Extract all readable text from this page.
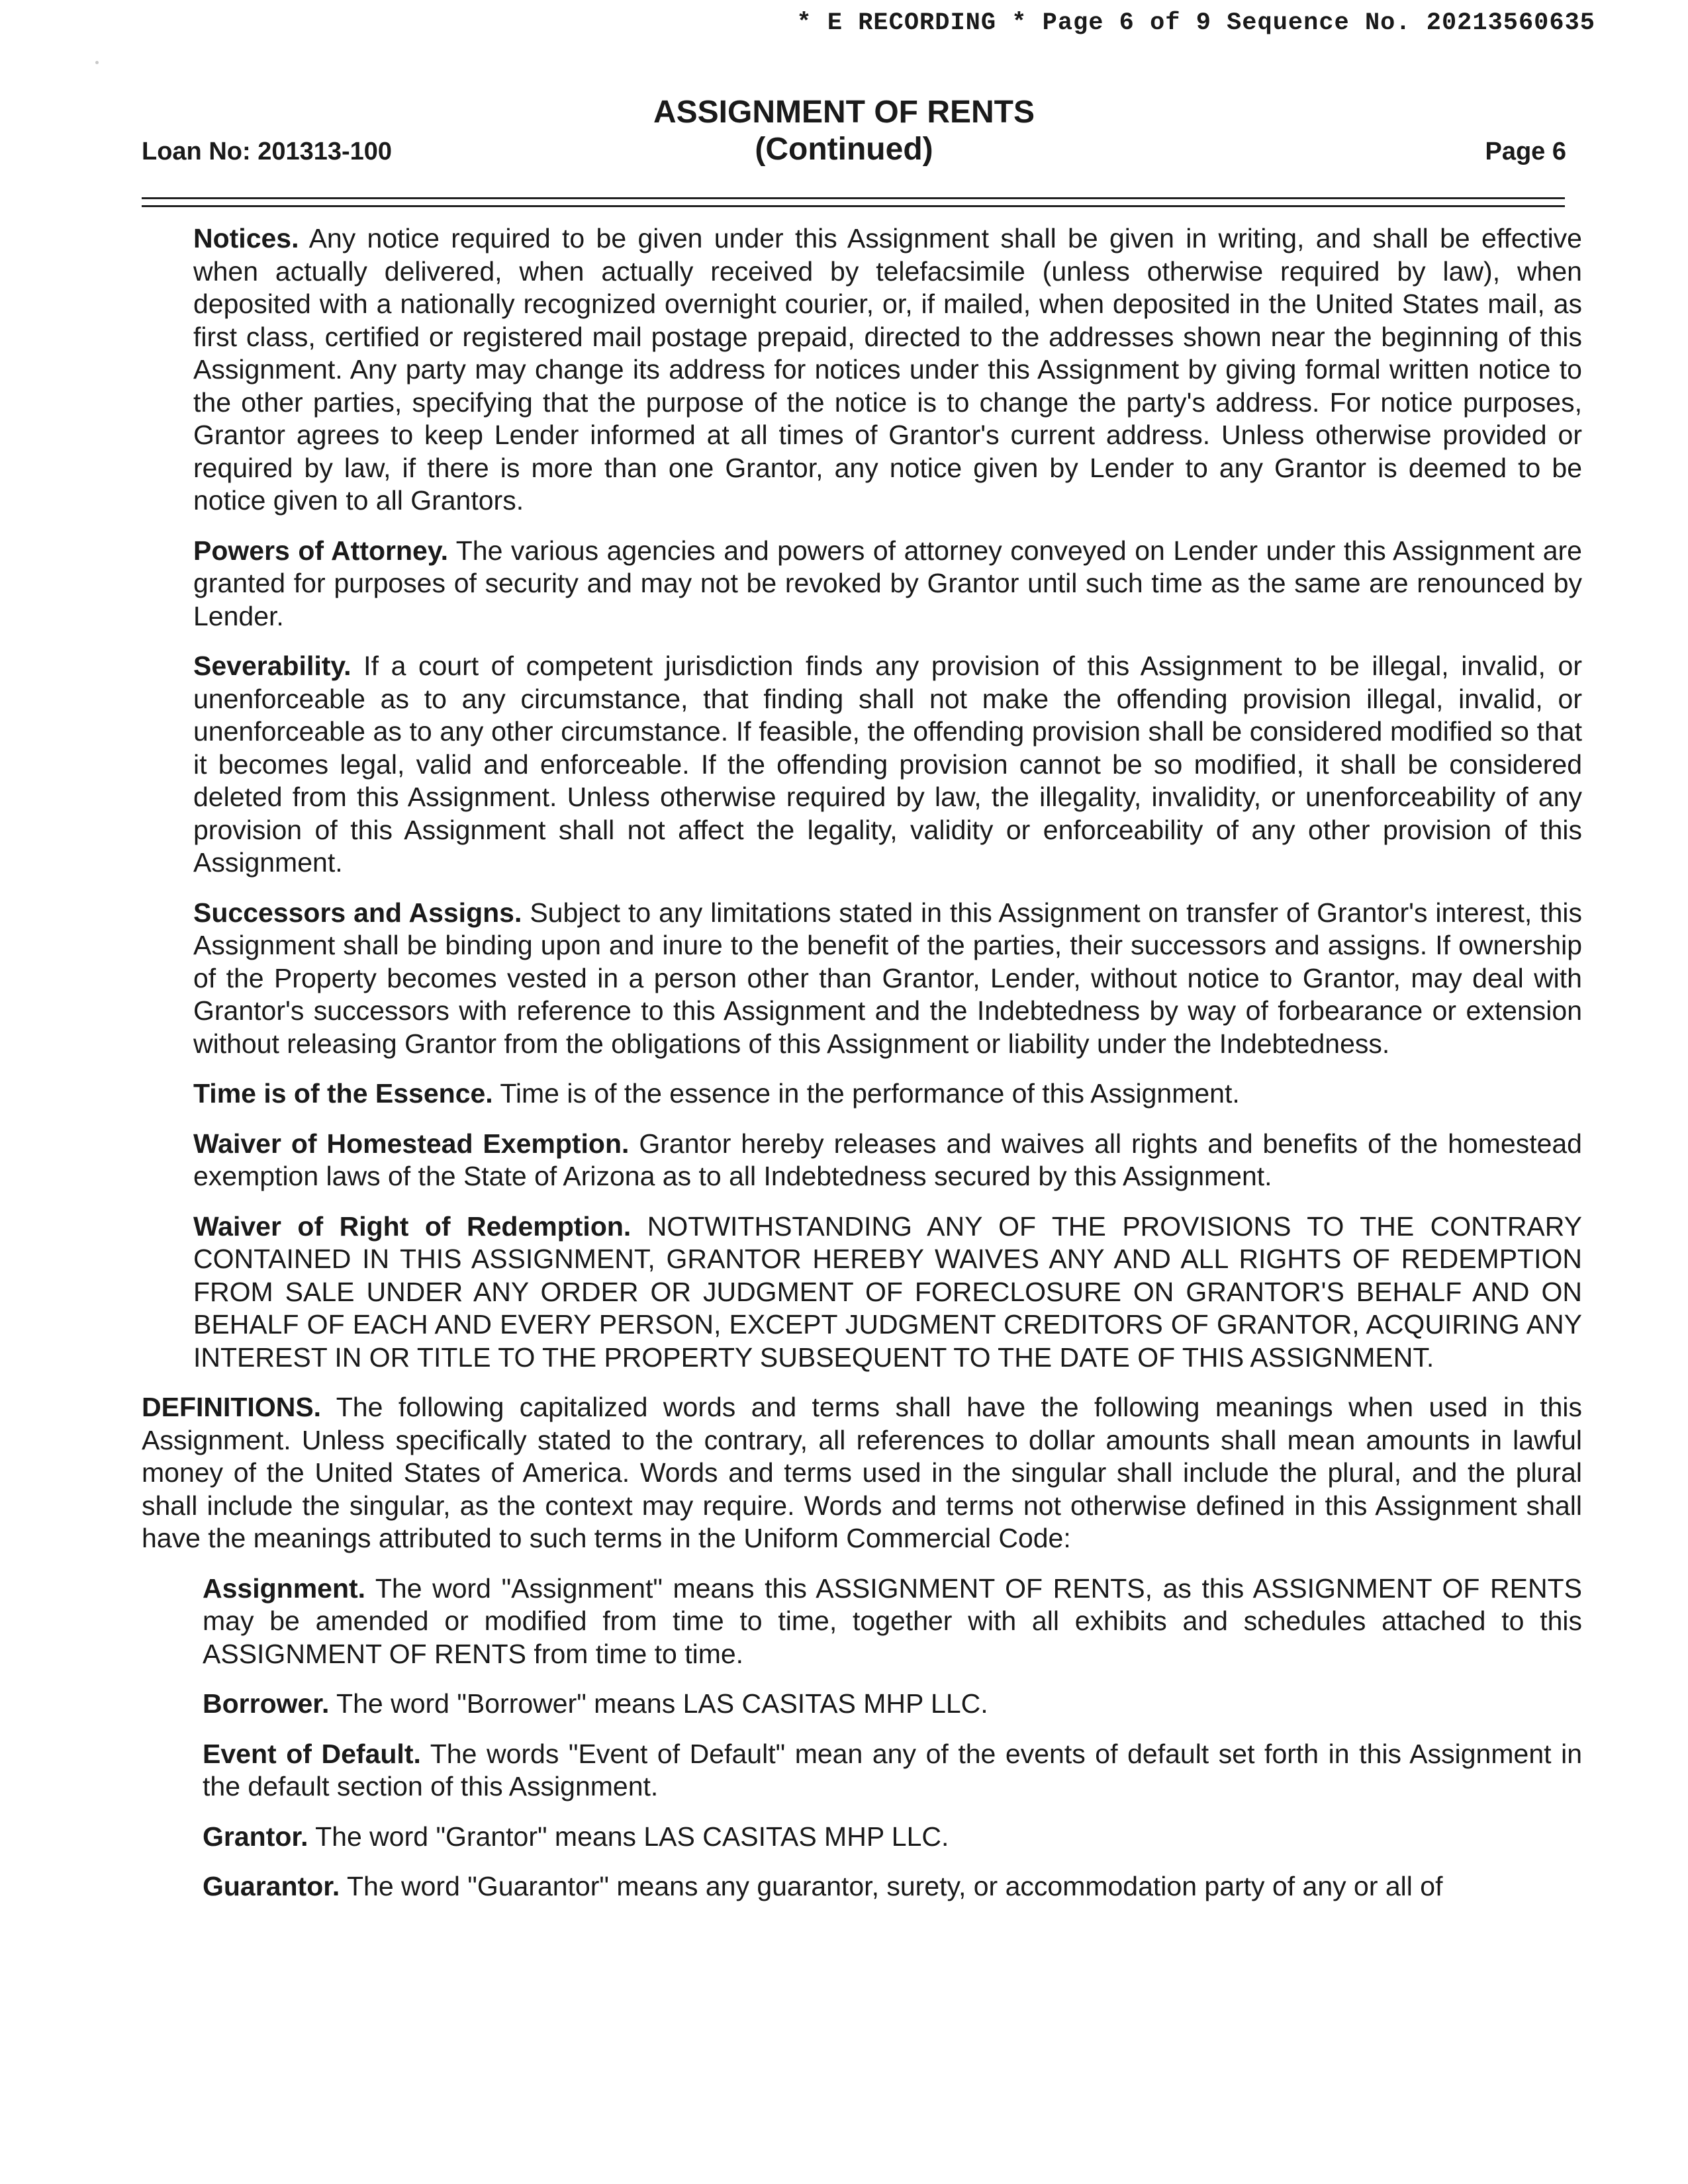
* E RECORDING * Page 6 of 9 Sequence No. 20213560635
ASSIGNMENT OF RENTS
(Continued)
Loan No: 201313-100	Page 6

Notices. Any notice required to be given under this Assignment shall be given in writing, and shall be effective when actually delivered, when actually received by telefacsimile (unless otherwise required by law), when deposited with a nationally recognized overnight courier, or, if mailed, when deposited in the United States mail, as first class, certified or registered mail postage prepaid, directed to the addresses shown near the beginning of this Assignment. Any party may change its address for notices under this Assignment by giving formal written notice to the other parties, specifying that the purpose of the notice is to change the party's address. For notice purposes, Grantor agrees to keep Lender informed at all times of Grantor's current address. Unless otherwise provided or required by law, if there is more than one Grantor, any notice given by Lender to any Grantor is deemed to be notice given to all Grantors.

Powers of Attorney. The various agencies and powers of attorney conveyed on Lender under this Assignment are granted for purposes of security and may not be revoked by Grantor until such time as the same are renounced by Lender.

Severability. If a court of competent jurisdiction finds any provision of this Assignment to be illegal, invalid, or unenforceable as to any circumstance, that finding shall not make the offending provision illegal, invalid, or unenforceable as to any other circumstance. If feasible, the offending provision shall be considered modified so that it becomes legal, valid and enforceable. If the offending provision cannot be so modified, it shall be considered deleted from this Assignment. Unless otherwise required by law, the illegality, invalidity, or unenforceability of any provision of this Assignment shall not affect the legality, validity or enforceability of any other provision of this Assignment.

Successors and Assigns. Subject to any limitations stated in this Assignment on transfer of Grantor's interest, this Assignment shall be binding upon and inure to the benefit of the parties, their successors and assigns. If ownership of the Property becomes vested in a person other than Grantor, Lender, without notice to Grantor, may deal with Grantor's successors with reference to this Assignment and the Indebtedness by way of forbearance or extension without releasing Grantor from the obligations of this Assignment or liability under the Indebtedness.

Time is of the Essence. Time is of the essence in the performance of this Assignment.

Waiver of Homestead Exemption. Grantor hereby releases and waives all rights and benefits of the homestead exemption laws of the State of Arizona as to all Indebtedness secured by this Assignment.

Waiver of Right of Redemption. NOTWITHSTANDING ANY OF THE PROVISIONS TO THE CONTRARY CONTAINED IN THIS ASSIGNMENT, GRANTOR HEREBY WAIVES ANY AND ALL RIGHTS OF REDEMPTION FROM SALE UNDER ANY ORDER OR JUDGMENT OF FORECLOSURE ON GRANTOR'S BEHALF AND ON BEHALF OF EACH AND EVERY PERSON, EXCEPT JUDGMENT CREDITORS OF GRANTOR, ACQUIRING ANY INTEREST IN OR TITLE TO THE PROPERTY SUBSEQUENT TO THE DATE OF THIS ASSIGNMENT.

DEFINITIONS. The following capitalized words and terms shall have the following meanings when used in this Assignment. Unless specifically stated to the contrary, all references to dollar amounts shall mean amounts in lawful money of the United States of America. Words and terms used in the singular shall include the plural, and the plural shall include the singular, as the context may require. Words and terms not otherwise defined in this Assignment shall have the meanings attributed to such terms in the Uniform Commercial Code:

Assignment. The word "Assignment" means this ASSIGNMENT OF RENTS, as this ASSIGNMENT OF RENTS may be amended or modified from time to time, together with all exhibits and schedules attached to this ASSIGNMENT OF RENTS from time to time.

Borrower. The word "Borrower" means LAS CASITAS MHP LLC.

Event of Default. The words "Event of Default" mean any of the events of default set forth in this Assignment in the default section of this Assignment.

Grantor. The word "Grantor" means LAS CASITAS MHP LLC.

Guarantor. The word "Guarantor" means any guarantor, surety, or accommodation party of any or all of
